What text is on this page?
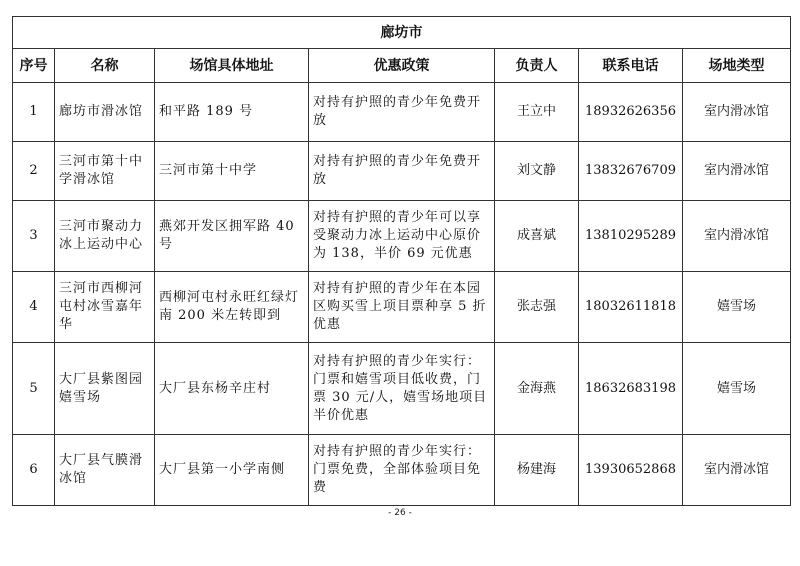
廊坊市						
序号	名称	场馆具体地址	优惠政策	负责人	联系电话	场地类型
1	廊坊市滑冰馆	和平路 189 号	对持有护照的青少年免费开放	王立中	18932626356	室内滑冰馆
2	三河市第十中学滑冰馆	三河市第十中学	对持有护照的青少年免费开放	刘文静	13832676709	室内滑冰馆
3	三河市聚动力冰上运动中心	燕郊开发区拥军路 40 号	对持有护照的青少年可以享受聚动力冰上运动中心原价为 138，半价 69 元优惠	成喜斌	13810295289	室内滑冰馆
4	三河市西柳河屯村冰雪嘉年华	西柳河屯村永旺红绿灯南 200 米左转即到	对持有护照的青少年在本园区购买雪上项目票种享 5 折优惠	张志强	18032611818	嬉雪场
5	大厂县紫图园嬉雪场	大厂县东杨辛庄村	对持有护照的青少年实行：门票和嬉雪项目低收费，门票 30 元/人，嬉雪场地项目半价优惠	金海燕	18632683198	嬉雪场
6	大厂县气膜滑冰馆	大厂县第一小学南侧	对持有护照的青少年实行：门票免费，全部体验项目免费	杨建海	13930652868	室内滑冰馆
- 26 -
